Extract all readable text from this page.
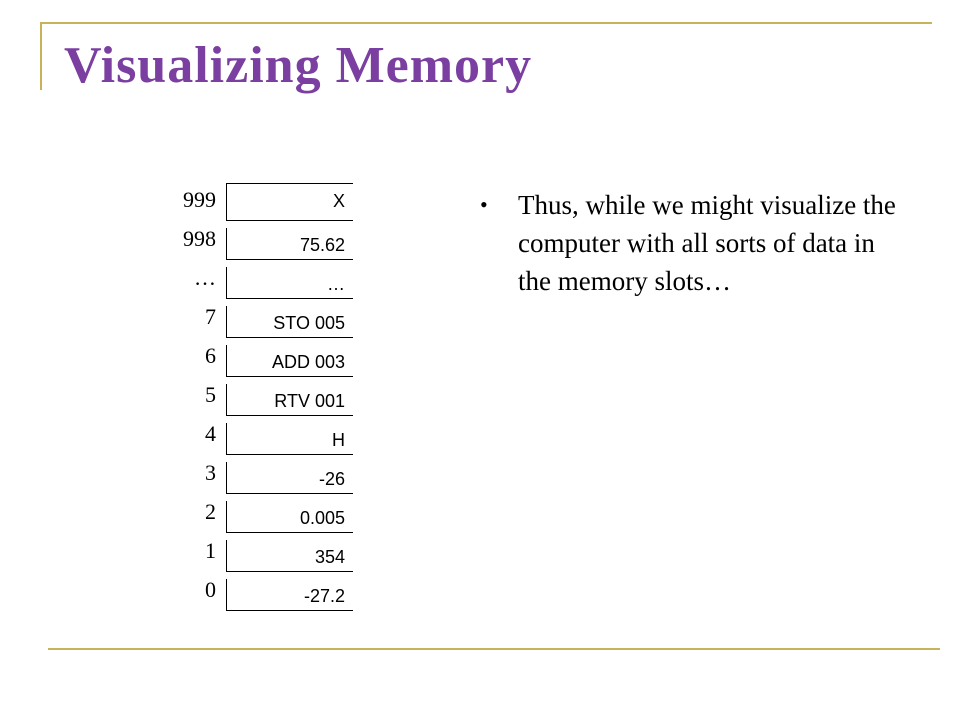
Visualizing Memory
999	X
998	75.62
…	…
7	STO 005
6	ADD 003
5	RTV 001
4	H
3	-26
2	0.005
1	354
0	-27.2
• Thus, while we might visualize the computer with all sorts of data in the memory slots…
